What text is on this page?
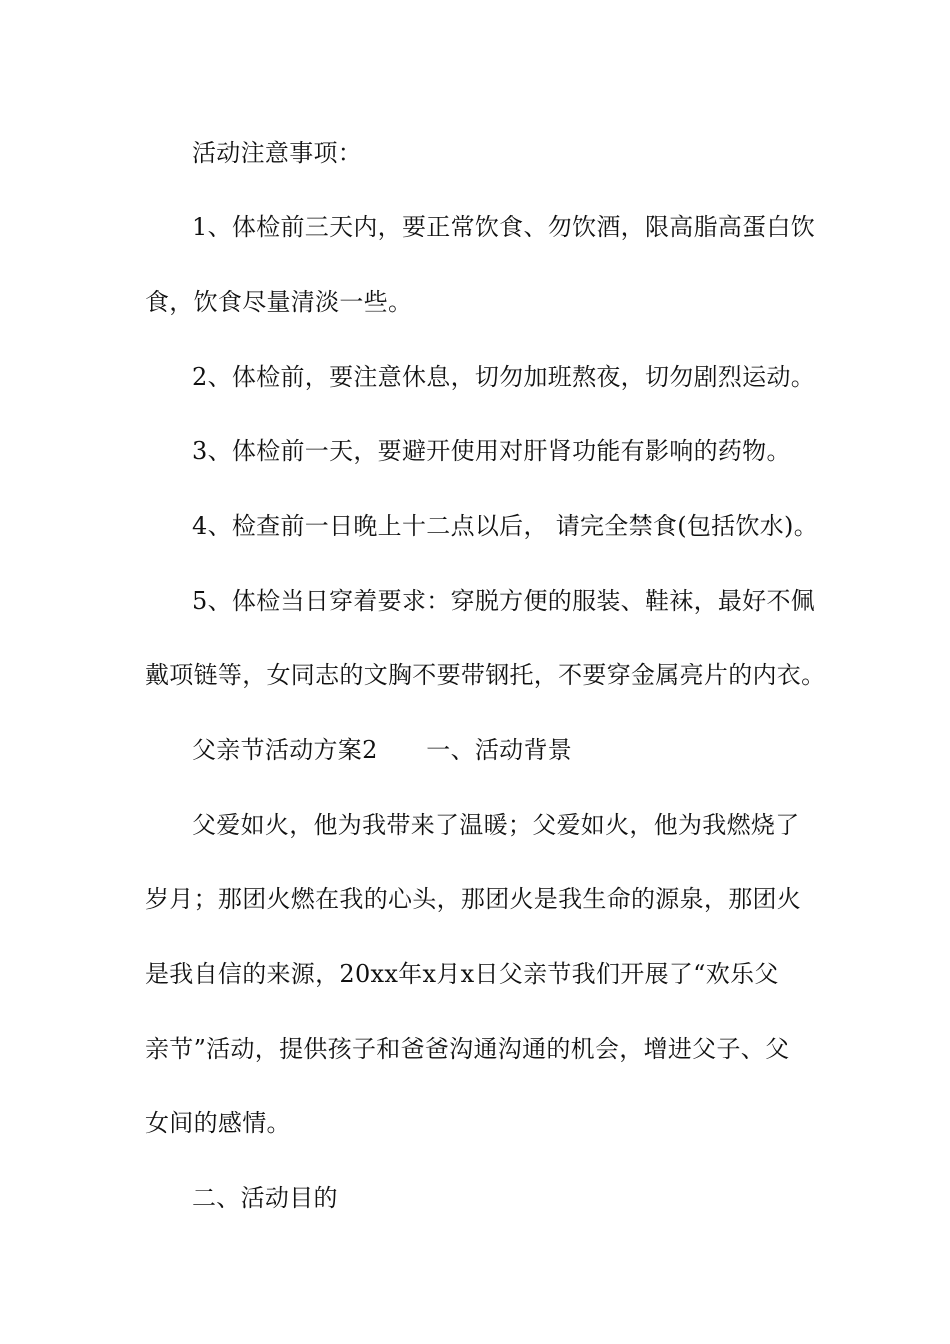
活动注意事项：
1、体检前三天内，要正常饮食、勿饮酒，限高脂高蛋白饮
食，饮食尽量清淡一些。
2、体检前，要注意休息，切勿加班熬夜，切勿剧烈运动。
3、体检前一天，要避开使用对肝肾功能有影响的药物。
4、检查前一日晚上十二点以后， 请完全禁食(包括饮水)。
5、体检当日穿着要求：穿脱方便的服装、鞋袜，最好不佩
戴项链等，女同志的文胸不要带钢托，不要穿金属亮片的内衣。
父亲节活动方案2　　一、活动背景
父爱如火，他为我带来了温暖；父爱如火，他为我燃烧了
岁月；那团火燃在我的心头，那团火是我生命的源泉，那团火
是我自信的来源，20xx年x月x日父亲节我们开展了“欢乐父
亲节”活动，提供孩子和爸爸沟通沟通的机会，增进父子、父
女间的感情。
二、活动目的
